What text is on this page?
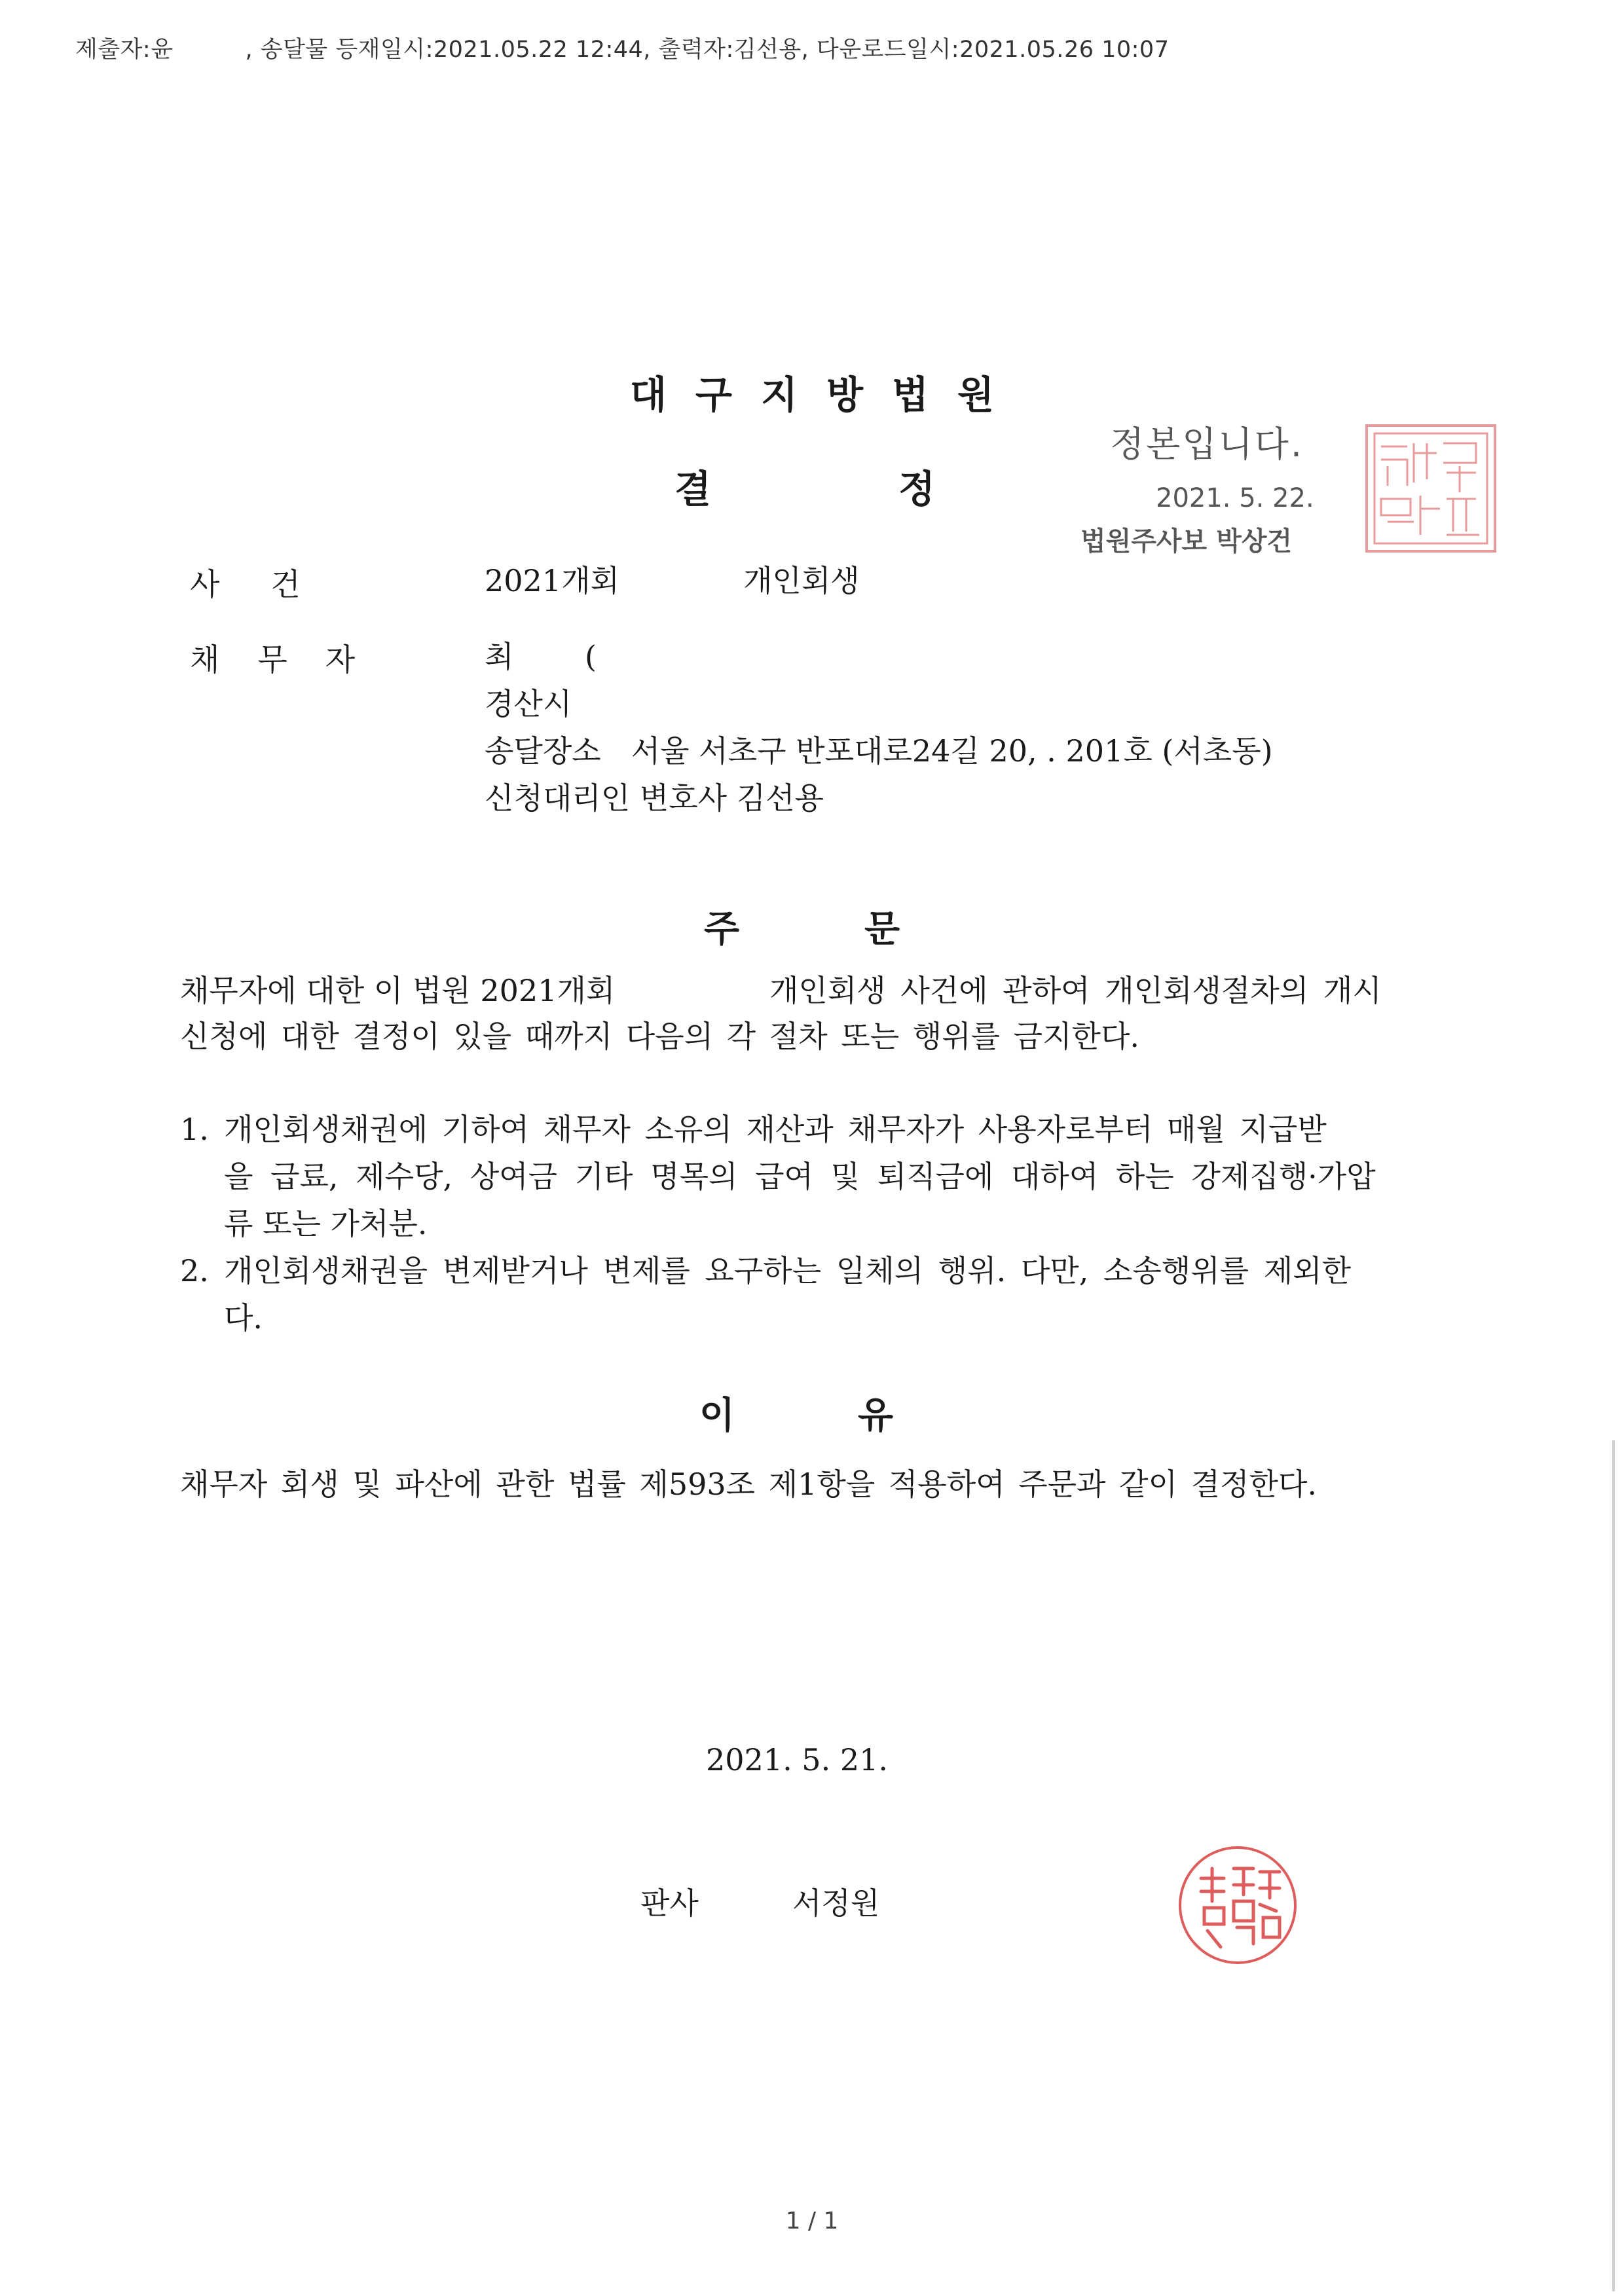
제출자:윤	, 송달물 등재일시:2021.05.22 12:44, 출력자:김선용, 다운로드일시:2021.05.26 10:07
대구지방법원
결	정
정본입니다.
2021. 5. 22.
법원주사보 박상건
사건	2021개회	개인회생
채무자	최 (
경산시
송달장소 서울 서초구 반포대로24길 20, . 201호 (서초동)
신청대리인 변호사 김선용
주	문
채무자에 대한 이 법원 2021개회	개인회생 사건에 관하여 개인회생절차의 개시
신청에 대한 결정이 있을 때까지 다음의 각 절차 또는 행위를 금지한다.
1. 개인회생채권에 기하여 채무자 소유의 재산과 채무자가 사용자로부터 매월 지급받
을 급료, 제수당, 상여금 기타 명목의 급여 및 퇴직금에 대하여 하는 강제집행·가압
류 또는 가처분.
2. 개인회생채권을 변제받거나 변제를 요구하는 일체의 행위. 다만, 소송행위를 제외한
다.
이	유
채무자 회생 및 파산에 관한 법률 제593조 제1항을 적용하여 주문과 같이 결정한다.
2021. 5. 21.
판사	서정원
1 / 1
